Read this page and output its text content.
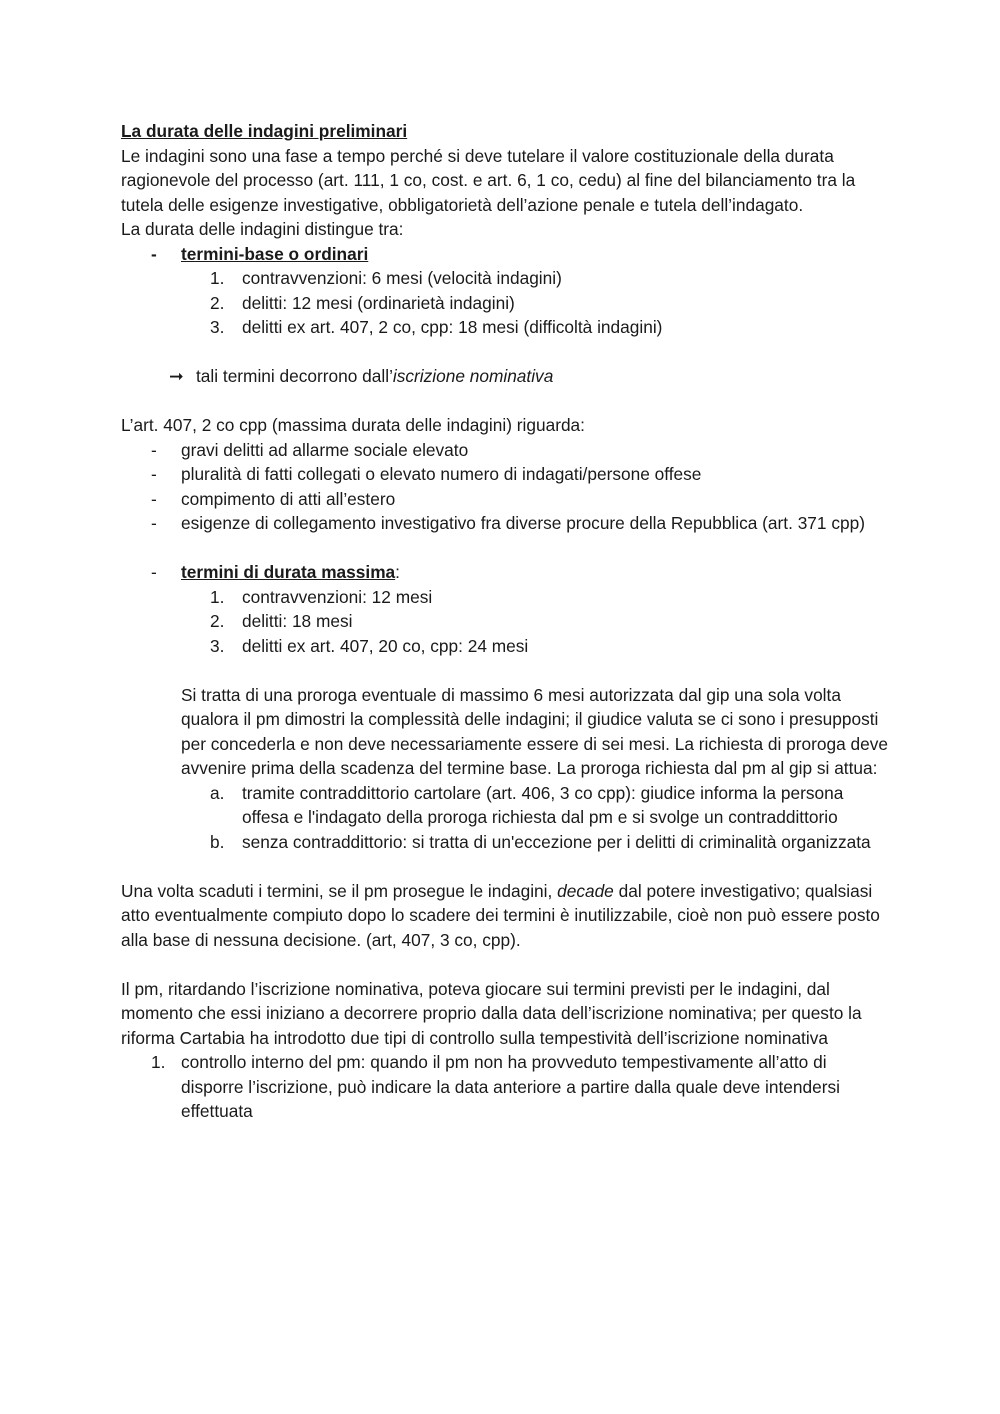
La durata delle indagini preliminari

Le indagini sono una fase a tempo perché si deve tutelare il valore costituzionale della durata ragionevole del processo (art. 111, 1 co, cost. e art. 6, 1 co, cedu) al fine del bilanciamento tra la tutela delle esigenze investigative, obbligatorietà dell’azione penale e tutela dell’indagato.

La durata delle indagini distingue tra:

-	termini-base o ordinari
1.	contravvenzioni: 6 mesi (velocità indagini)
2.	delitti: 12 mesi (ordinarietà indagini)
3.	delitti ex art. 407, 2 co, cpp: 18 mesi (difficoltà indagini)

➞ tali termini decorrono dall’iscrizione nominativa

L’art. 407, 2 co cpp (massima durata delle indagini) riguarda:

-	gravi delitti ad allarme sociale elevato
-	pluralità di fatti collegati o elevato numero di indagati/persone offese
-	compimento di atti all’estero
-	esigenze di collegamento investigativo fra diverse procure della Repubblica (art. 371 cpp)
-	termini di durata massima:
1.	contravvenzioni: 12 mesi
2.	delitti: 18 mesi
3.	delitti ex art. 407, 20 co, cpp: 24 mesi

Si tratta di una proroga eventuale di massimo 6 mesi autorizzata dal gip una sola volta qualora il pm dimostri la complessità delle indagini; il giudice valuta se ci sono i presupposti per concederla e non deve necessariamente essere di sei mesi. La richiesta di proroga deve avvenire prima della scadenza del termine base. La proroga richiesta dal pm al gip si attua:

a.	tramite contraddittorio cartolare (art. 406, 3 co cpp): giudice informa la persona offesa e l'indagato della proroga richiesta dal pm e si svolge un contraddittorio
b.	senza contraddittorio: si tratta di un'eccezione per i delitti di criminalità organizzata

Una volta scaduti i termini, se il pm prosegue le indagini, decade dal potere investigativo; qualsiasi atto eventualmente compiuto dopo lo scadere dei termini è inutilizzabile, cioè non può essere posto alla base di nessuna decisione. (art, 407, 3 co, cpp).

Il pm, ritardando l’iscrizione nominativa, poteva giocare sui termini previsti per le indagini, dal momento che essi iniziano a decorrere proprio dalla data dell’iscrizione nominativa; per questo la riforma Cartabia ha introdotto due tipi di controllo sulla tempestività dell’iscrizione nominativa

1. controllo interno del pm: quando il pm non ha provveduto tempestivamente all’atto di disporre l’iscrizione, può indicare la data anteriore a partire dalla quale deve intendersi effettuata
